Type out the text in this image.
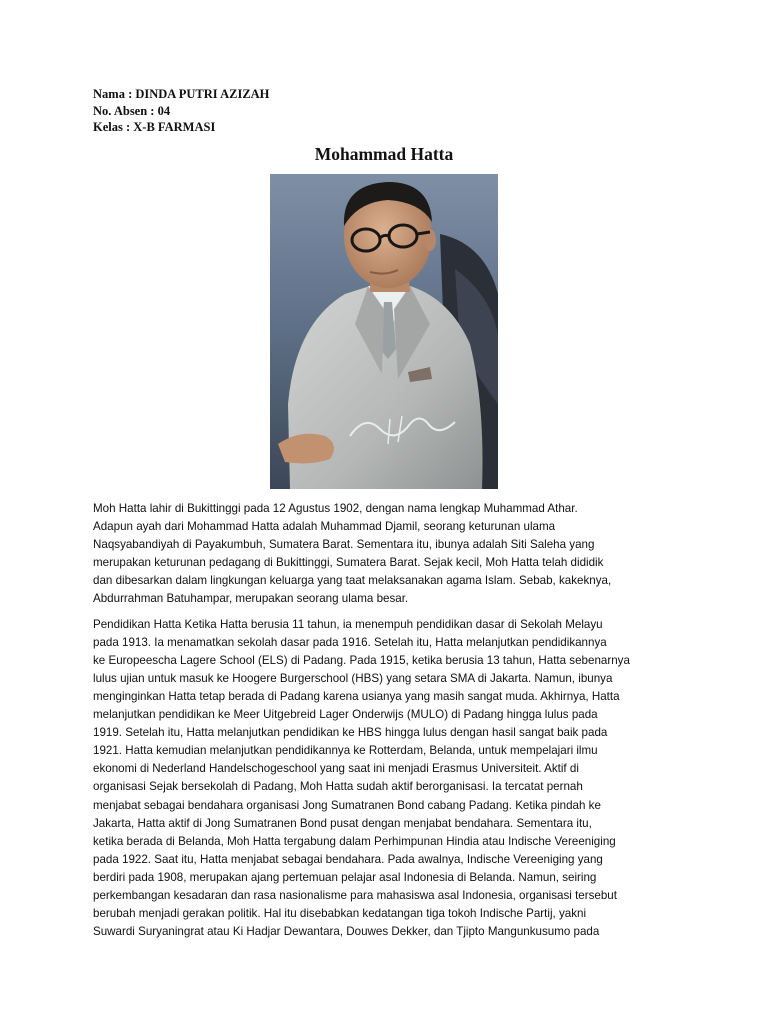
Nama : DINDA PUTRI AZIZAH
No. Absen : 04
Kelas : X-B FARMASI
Mohammad Hatta
Moh Hatta lahir di Bukittinggi pada 12 Agustus 1902, dengan nama lengkap Muhammad Athar.
Adapun ayah dari Mohammad Hatta adalah Muhammad Djamil, seorang keturunan ulama
Naqsyabandiyah di Payakumbuh, Sumatera Barat. Sementara itu, ibunya adalah Siti Saleha yang
merupakan keturunan pedagang di Bukittinggi, Sumatera Barat. Sejak kecil, Moh Hatta telah dididik
dan dibesarkan dalam lingkungan keluarga yang taat melaksanakan agama Islam. Sebab, kakeknya,
Abdurrahman Batuhampar, merupakan seorang ulama besar.
Pendidikan Hatta Ketika Hatta berusia 11 tahun, ia menempuh pendidikan dasar di Sekolah Melayu
pada 1913. Ia menamatkan sekolah dasar pada 1916. Setelah itu, Hatta melanjutkan pendidikannya
ke Europeescha Lagere School (ELS) di Padang. Pada 1915, ketika berusia 13 tahun, Hatta sebenarnya
lulus ujian untuk masuk ke Hoogere Burgerschool (HBS) yang setara SMA di Jakarta. Namun, ibunya
menginginkan Hatta tetap berada di Padang karena usianya yang masih sangat muda. Akhirnya, Hatta
melanjutkan pendidikan ke Meer Uitgebreid Lager Onderwijs (MULO) di Padang hingga lulus pada
1919. Setelah itu, Hatta melanjutkan pendidikan ke HBS hingga lulus dengan hasil sangat baik pada
1921. Hatta kemudian melanjutkan pendidikannya ke Rotterdam, Belanda, untuk mempelajari ilmu
ekonomi di Nederland Handelschogeschool yang saat ini menjadi Erasmus Universiteit. Aktif di
organisasi Sejak bersekolah di Padang, Moh Hatta sudah aktif berorganisasi. Ia tercatat pernah
menjabat sebagai bendahara organisasi Jong Sumatranen Bond cabang Padang. Ketika pindah ke
Jakarta, Hatta aktif di Jong Sumatranen Bond pusat dengan menjabat bendahara. Sementara itu,
ketika berada di Belanda, Moh Hatta tergabung dalam Perhimpunan Hindia atau Indische Vereeniging
pada 1922. Saat itu, Hatta menjabat sebagai bendahara. Pada awalnya, Indische Vereeniging yang
berdiri pada 1908, merupakan ajang pertemuan pelajar asal Indonesia di Belanda. Namun, seiring
perkembangan kesadaran dan rasa nasionalisme para mahasiswa asal Indonesia, organisasi tersebut
berubah menjadi gerakan politik. Hal itu disebabkan kedatangan tiga tokoh Indische Partij, yakni
Suwardi Suryaningrat atau Ki Hadjar Dewantara, Douwes Dekker, dan Tjipto Mangunkusumo pada
